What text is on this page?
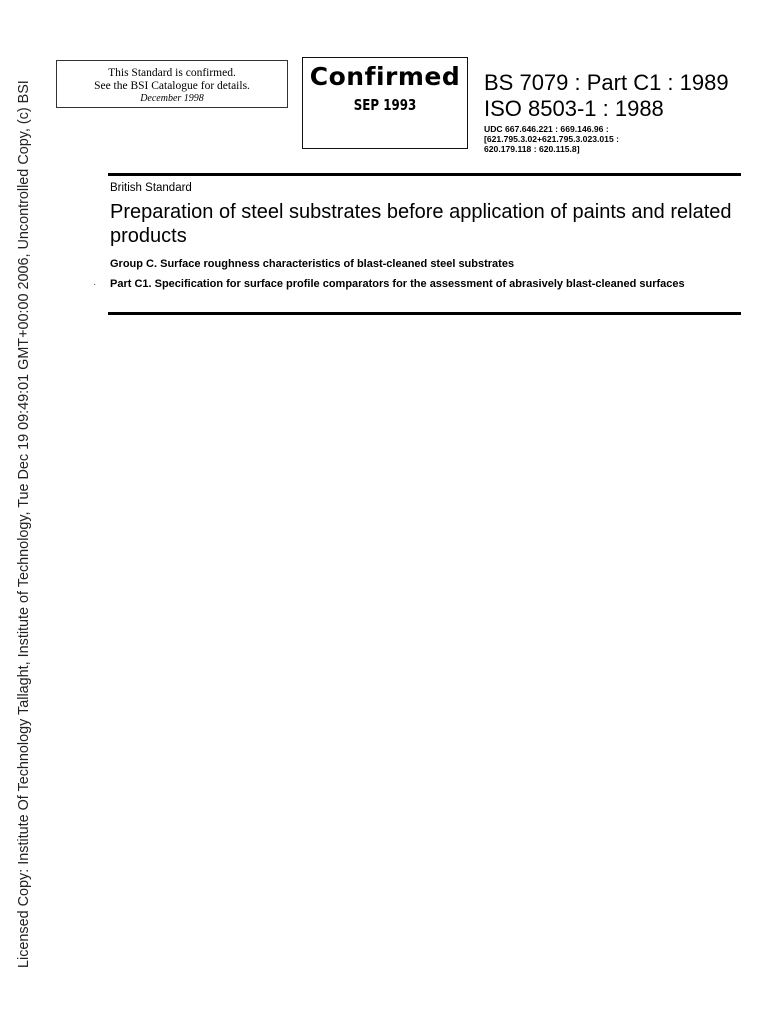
Licensed Copy: Institute Of Technology Tallaght, Institute of Technology, Tue Dec 19 09:49:01 GMT+00:00 2006, Uncontrolled Copy, (c) BSI
This Standard is confirmed.
See the BSI Catalogue for details.
December 1998
Confirmed
SEP 1993
BS 7079 : Part C1 : 1989
ISO 8503-1 : 1988
UDC 667.646.221 : 669.146.96 :
[621.795.3.02+621.795.3.023.015 :
620.179.118 : 620.115.8]
British Standard
Preparation of steel substrates before application of paints and related products
Group C. Surface roughness characteristics of blast-cleaned steel substrates
· Part C1. Specification for surface profile comparators for the assessment of abrasively blast-cleaned surfaces
